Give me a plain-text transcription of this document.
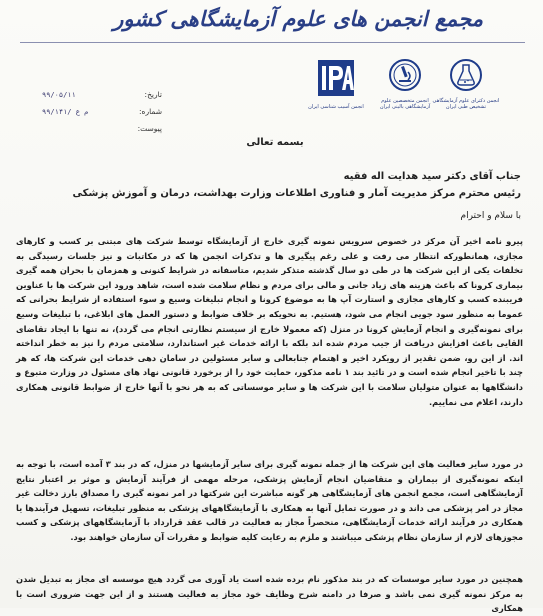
مجمع انجمن های علوم آزمایشگاهی کشور
تاریخ:
۹۹/۰۵/۱۱
شماره:
۹۹/۱۴۱/ م ع
پیوست:
انجمن آسیب شناسی ایران
انجمن متخصصین علوم آزمایشگاهی بالینی ایران
انجمن دکترای علوم آزمایشگاهی تشخیص طبی ایران
بسمه تعالی
جناب آقای دکتر سید هدایت اله فقیه
رئیس محترم مرکز مدیریت آمار و فناوری اطلاعات وزارت بهداشت، درمان و آموزش پزشکی
با سلام و احترام
پیرو نامه اخیر آن مرکز در خصوص سرویس نمونه گیری خارج از آزمایشگاه توسط شرکت های مبتنی بر کسب و کارهای مجازی، همانطورکه انتظار می رفت و علی رغم پیگیری ها و تذکرات انجمن ها که در مکاتبات و نیز جلسات رسیدگی به تخلفات یکی از این شرکت ها در طی دو سال گذشته متذکر شدیم، متاسفانه در شرایط کنونی و همزمان با بحران همه گیری بیماری کرونا که باعث هزینه های زیاد جانی و مالی برای مردم و نظام سلامت شده است، شاهد ورود این شرکت ها با عناوین فریبنده کسب و کارهای مجازی و استارت آپ ها به موضوع کرونا و انجام تبلیغات وسیع و سوء استفاده از شرایط بحرانی که عموما به منظور سود جویی انجام می شود، هستیم. به نحویکه بر خلاف ضوابط و دستور العمل های ابلاغی، با تبلیغات وسیع برای نمونه‌گیری و انجام آزمایش کرونا در منزل (که معمولا خارج از سیستم نظارتی انجام می گردد)، نه تنها با ایجاد تقاضای القایی باعث افزایش دریافت از جیب مردم شده اند بلکه با ارائه خدمات غیر استاندارد، سلامتی مردم را نیز به خطر انداخته اند. از این رو، ضمن تقدیر از رویکرد اخیر و اهتمام جنابعالی و سایر مسئولین در سامان دهی خدمات این شرکت ها، که هر چند با تاخیر انجام شده است و در تائید بند ۱ نامه مذکور، حمایت خود را از برخورد قانونی نهاد های مسئول در وزارت متبوع و دانشگاهها به عنوان متولیان سلامت با این شرکت ها و سایر موسساتی که به هر نحو با آنها خارج از ضوابط قانونی همکاری دارند، اعلام می نماییم.
در مورد سایر فعالیت های این شرکت ها از جمله نمونه گیری برای سایر آزمایشها در منزل، که در بند ۳ آمده است، با توجه به اینکه نمونه‌گیری از بیماران و متقاضیان انجام آزمایش پزشکی، مرحله مهمی از فرآیند آزمایش و موثر بر اعتبار نتایج آزمایشگاهی است، مجمع انجمن های آزمایشگاهی هر گونه مباشرت این شرکتها در امر نمونه گیری را مصداق بارز دخالت غیر مجاز در امر پزشکی می داند و در صورت تمایل آنها به همکاری با آزمایشگاههای پزشکی به منظور تبلیغات، تسهیل فرآیندها یا همکاری در فرآیند ارائه خدمات آزمایشگاهی، منحصراً مجاز به فعالیت در قالب عقد قرارداد با آزمایشگاههای پزشکی و کسب مجوزهای لازم از سازمان نظام پزشکی میباشند و ملزم به رعایت کلیه ضوابط و مقررات آن سازمان خواهند بود.
همچنین در مورد سایر موسسات که در بند مذکور نام برده شده است یاد آوری می گردد هیچ موسسه ای مجاز به تبدیل شدن به مرکز نمونه گیری نمی باشد و صرفا در دامنه شرح وظایف خود مجاز به فعالیت هستند و از این جهت ضروری است با همکاری
